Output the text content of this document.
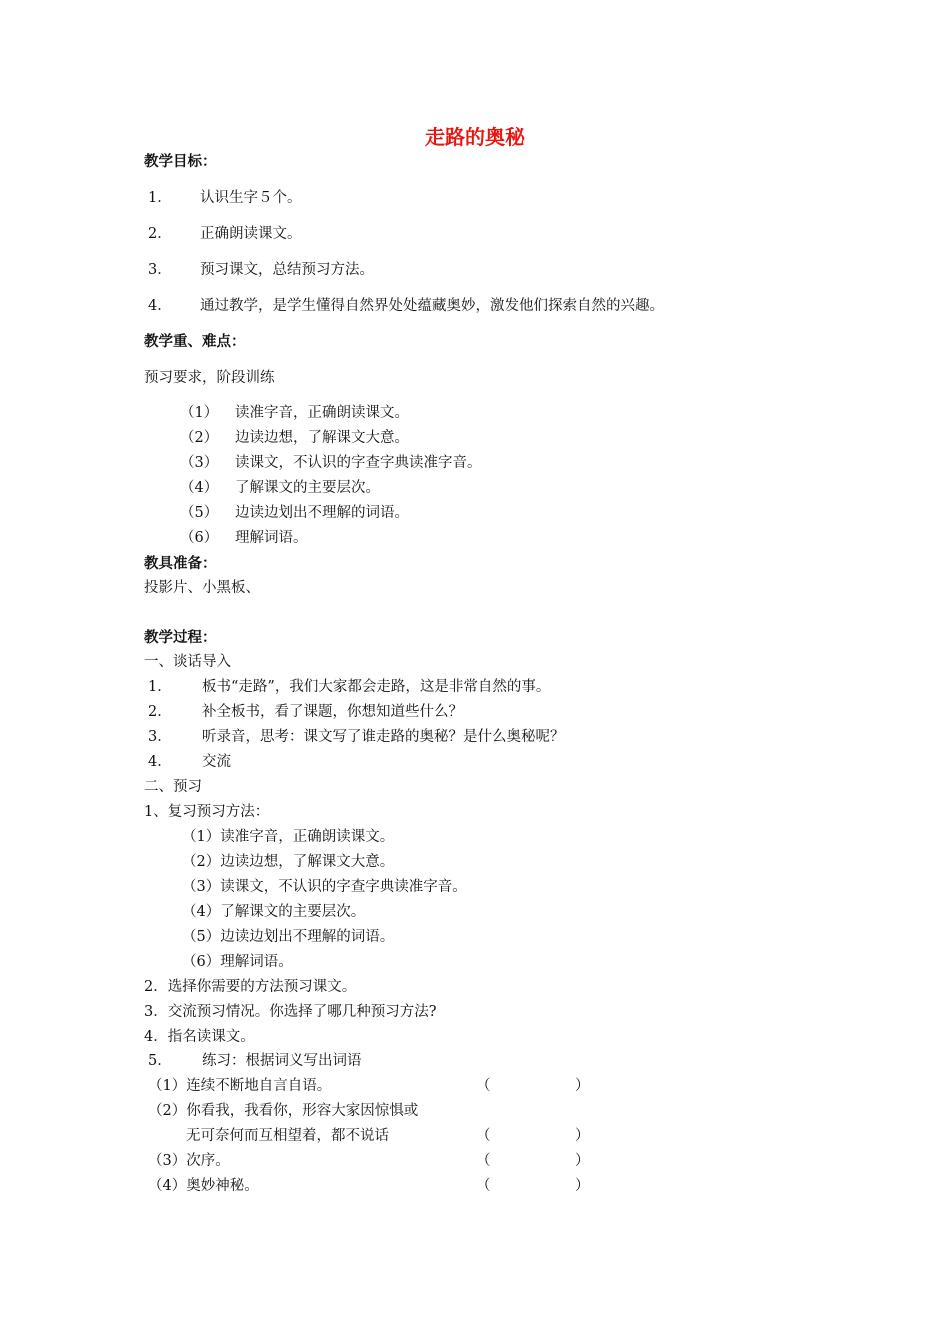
走路的奥秘
教学目标：
1． 认识生字５个。
2． 正确朗读课文。
3． 预习课文，总结预习方法。
4． 通过教学，是学生懂得自然界处处蕴藏奥妙，激发他们探索自然的兴趣。
教学重、难点：
预习要求，阶段训练
（1） 读准字音，正确朗读课文。
（2） 边读边想，了解课文大意。
（3） 读课文，不认识的字查字典读准字音。
（4） 了解课文的主要层次。
（5） 边读边划出不理解的词语。
（6） 理解词语。
教具准备：
投影片、小黑板、
教学过程：
一、谈话导入
1． 板书“走路”，我们大家都会走路，这是非常自然的事。
2． 补全板书，看了课题，你想知道些什么？
3． 听录音，思考：课文写了谁走路的奥秘？是什么奥秘呢？
4． 交流
二、预习
1、复习预习方法：
（1）读准字音，正确朗读课文。
（2）边读边想，了解课文大意。
（3）读课文，不认识的字查字典读准字音。
（4）了解课文的主要层次。
（5）边读边划出不理解的词语。
（6）理解词语。
2．选择你需要的方法预习课文。
3．交流预习情况。你选择了哪几种预习方法?
4．指名读课文。
5． 练习：根据词义写出词语
（1）连续不断地自言自语。	（	）
（2）你看我，我看你，形容大家因惊惧或
无可奈何而互相望着，都不说话	（	）
（3）次序。	（	）
（4）奥妙神秘。	（	）
